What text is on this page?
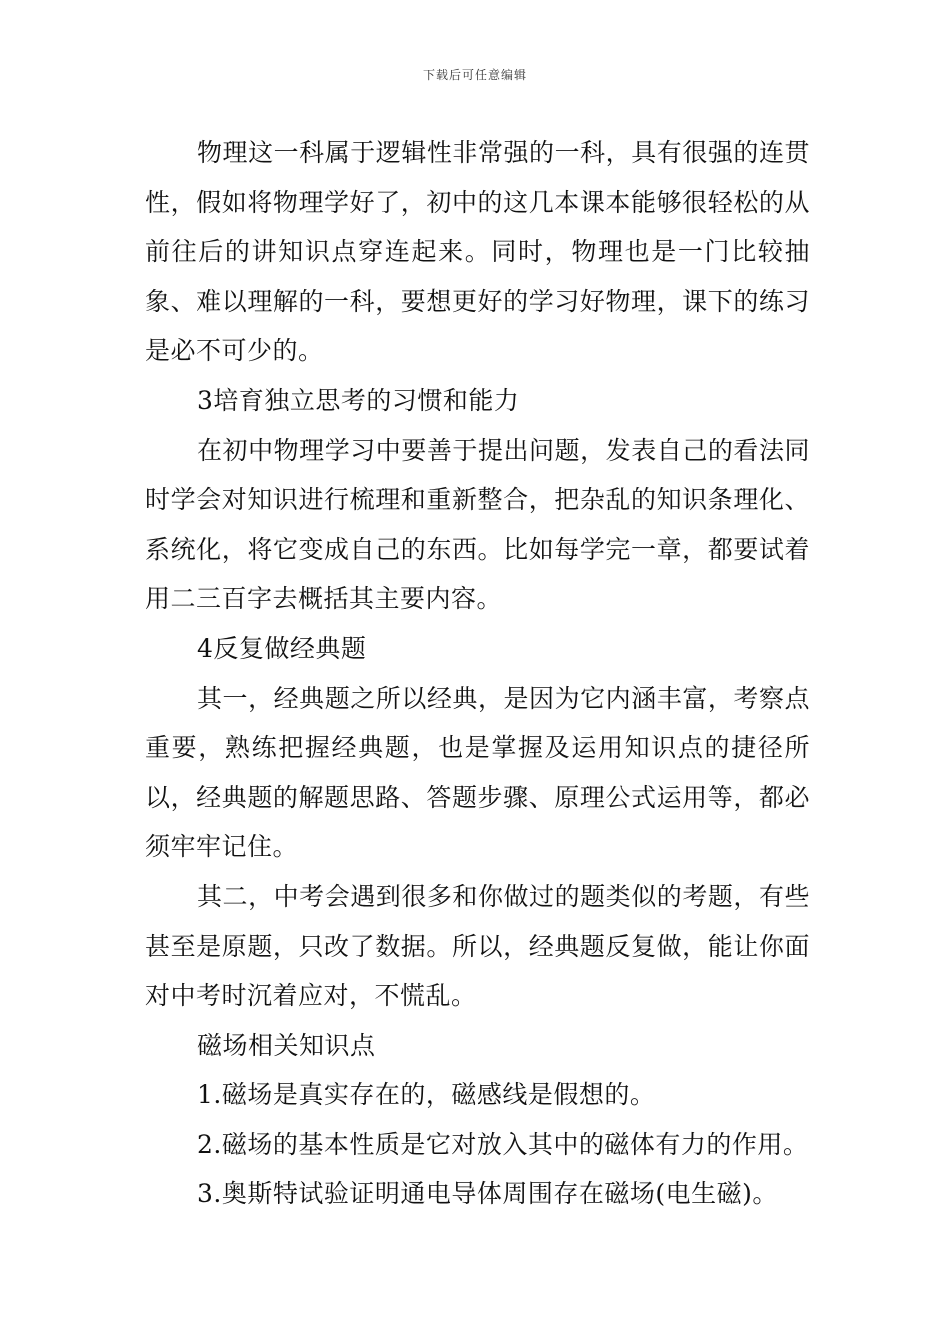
下载后可任意编辑

物理这一科属于逻辑性非常强的一科，具有很强的连贯性，假如将物理学好了，初中的这几本课本能够很轻松的从前往后的讲知识点穿连起来。同时，物理也是一门比较抽象、难以理解的一科，要想更好的学习好物理，课下的练习是必不可少的。

3培育独立思考的习惯和能力

在初中物理学习中要善于提出问题，发表自己的看法同时学会对知识进行梳理和重新整合，把杂乱的知识条理化、系统化，将它变成自己的东西。比如每学完一章，都要试着用二三百字去概括其主要内容。

4反复做经典题

其一，经典题之所以经典，是因为它内涵丰富，考察点重要，熟练把握经典题，也是掌握及运用知识点的捷径所以，经典题的解题思路、答题步骤、原理公式运用等，都必须牢牢记住。

其二，中考会遇到很多和你做过的题类似的考题，有些甚至是原题，只改了数据。所以，经典题反复做，能让你面对中考时沉着应对，不慌乱。

磁场相关知识点

1.磁场是真实存在的，磁感线是假想的。

2.磁场的基本性质是它对放入其中的磁体有力的作用。

3.奥斯特试验证明通电导体周围存在磁场(电生磁)。
